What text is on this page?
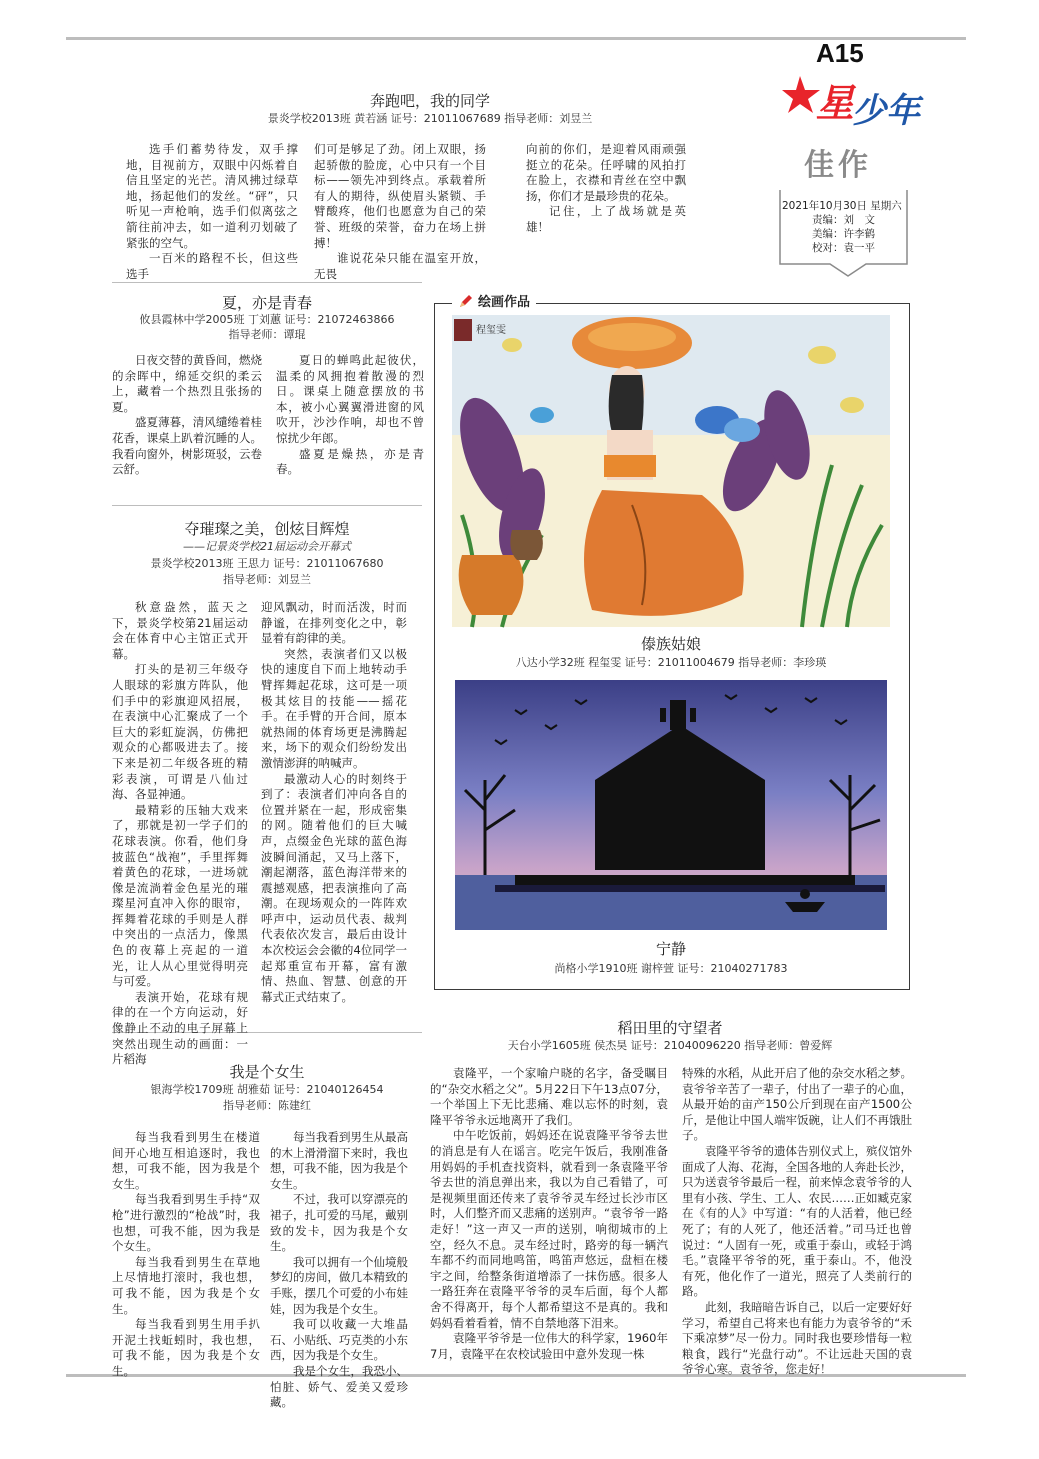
A15
星
少年
佳作
2021年10月30日 星期六
责编：刘　文
美编：许李鹤
校对：袁一平
奔跑吧，我的同学
景炎学校2013班 黄若涵 证号：21011067689 指导老师：刘昱兰

选手们蓄势待发，双手撑地，目视前方，双眼中闪烁着自信且坚定的光芒。清风拂过绿草地，扬起他们的发丝。“砰”，只听见一声枪响，选手们似离弦之箭往前冲去，如一道利刃划破了紧张的空气。

一百米的路程不长，但这些选手

们可是够足了劲。闭上双眼，扬起骄傲的脸庞，心中只有一个目标——领先冲到终点。承载着所有人的期待，纵使眉头紧锁、手臂酸疼，他们也愿意为自己的荣誉、班级的荣誉，奋力在场上拼搏！

谁说花朵只能在温室开放，无畏

向前的你们，是迎着风雨顽强挺立的花朵。任呼啸的风拍打在脸上，衣襟和青丝在空中飘扬，你们才是最珍贵的花朵。

记住，上了战场就是英雄！

夏，亦是青春
攸县霞林中学2005班 丁刘蕙 证号：21072463866
指导老师：谭琨

日夜交替的黄昏间，燃烧的余晖中，绵延交织的柔云上，藏着一个热烈且张扬的夏。

盛夏薄暮，清风缱绻着桂花香，课桌上趴着沉睡的人。我看向窗外，树影斑驳，云卷云舒。

夏日的蝉鸣此起彼伏，温柔的风拥抱着散漫的烈日。课桌上随意摆放的书本，被小心翼翼滑进窗的风吹开，沙沙作响，却也不曾惊扰少年郎。

盛夏是燥热，亦是青春。

夺璀璨之美，创炫目辉煌
——记景炎学校21届运动会开幕式
景炎学校2013班 王思力 证号：21011067680
指导老师：刘昱兰

秋意盎然，蓝天之下，景炎学校第21届运动会在体育中心主馆正式开幕。

打头的是初三年级夺人眼球的彩旗方阵队，他们手中的彩旗迎风招展，在表演中心汇聚成了一个巨大的彩虹旋涡，仿佛把观众的心都吸进去了。接下来是初二年级各班的精彩表演，可谓是八仙过海、各显神通。

最精彩的压轴大戏来了，那就是初一学子们的花球表演。你看，他们身披蓝色“战袍”，手里挥舞着黄色的花球，一进场就像是流淌着金色星光的璀璨星河直冲入你的眼帘，挥舞着花球的手则是人群中突出的一点活力，像黑色的夜幕上亮起的一道光，让人从心里觉得明亮与可爱。

表演开始，花球有规律的在一个方向运动，好像静止不动的电子屏幕上突然出现生动的画面：一片稻海

迎风飘动，时而活泼，时而静谧，在排列变化之中，彰显着有韵律的美。

突然，表演者们又以极快的速度自下而上地转动手臂挥舞起花球，这可是一项极其炫目的技能——摇花手。在手臂的开合间，原本就热闹的体育场更是沸腾起来，场下的观众们纷纷发出激情澎湃的呐喊声。

最激动人心的时刻终于到了：表演者们冲向各自的位置并紧在一起，形成密集的网。随着他们的巨大喊声，点缀金色光球的蓝色海波瞬间涌起，又马上落下，潮起潮落，蓝色海洋带来的震撼观感，把表演推向了高潮。在现场观众的一阵阵欢呼声中，运动员代表、裁判代表依次发言，最后由设计本次校运会会徽的4位同学一起郑重宣布开幕，富有激情、热血、智慧、创意的开幕式正式结束了。

我是个女生
银海学校1709班 胡雅茹 证号：21040126454
指导老师：陈建红

每当我看到男生在楼道间开心地互相追逐时，我也想，可我不能，因为我是个女生。

每当我看到男生手持“双枪”进行激烈的“枪战”时，我也想，可我不能，因为我是个女生。

每当我看到男生在草地上尽情地打滚时，我也想，可我不能，因为我是个女生。

每当我看到男生用手扒开泥土找蚯蚓时，我也想，可我不能，因为我是个女生。

每当我看到男生从最高的木上滑滑溜下来时，我也想，可我不能，因为我是个女生。

不过，我可以穿漂亮的裙子，扎可爱的马尾，戴别致的发卡，因为我是个女生。

我可以拥有一个仙境般梦幻的房间，做几本精致的手账，摆几个可爱的小布娃娃，因为我是个女生。

我可以收藏一大堆晶石、小贴纸、巧克类的小东西，因为我是个女生。

我是个女生，我恐小、怕脏、娇气、爱美又爱珍藏。

绘画作品
程玺雯
傣族姑娘
八达小学32班 程玺雯 证号：21011004679 指导老师：李珍瑛
宁静
尚格小学1910班 谢梓萱 证号：21040271783
稻田里的守望者
天台小学1605班 侯杰昊 证号：21040096220 指导老师：曾爱辉

袁隆平，一个家喻户晓的名字，备受瞩目的“杂交水稻之父”。5月22日下午13点07分，一个举国上下无比悲痛、难以忘怀的时刻，袁隆平爷爷永远地离开了我们。

中午吃饭前，妈妈还在说袁隆平爷爷去世的消息是有人在谣言。吃完午饭后，我刚准备用妈妈的手机查找资料，就看到一条袁隆平爷爷去世的消息弹出来，我以为自己看错了，可是视频里面还传来了袁爷爷灵车经过长沙市区时，人们整齐而又悲痛的送别声。“袁爷爷一路走好！”这一声又一声的送别，响彻城市的上空，经久不息。灵车经过时，路旁的每一辆汽车都不约而同地鸣笛，鸣笛声悠远，盘桓在楼宇之间，给整条街道增添了一抹伤感。很多人一路狂奔在袁隆平爷爷的灵车后面，每个人都舍不得离开，每个人都希望这不是真的。我和妈妈看着看着，情不自禁地落下泪来。

袁隆平爷爷是一位伟大的科学家，1960年7月，袁隆平在农校试验田中意外发现一株

特殊的水稻，从此开启了他的杂交水稻之梦。袁爷爷辛苦了一辈子，付出了一辈子的心血，从最开始的亩产150公斤到现在亩产1500公斤，是他让中国人端牢饭碗，让人们不再饿肚子。

袁隆平爷爷的遗体告别仪式上，殡仪馆外面成了人海、花海，全国各地的人奔赴长沙，只为送袁爷爷最后一程，前来悼念袁爷爷的人里有小孩、学生、工人、农民……正如臧克家在《有的人》中写道：“有的人活着，他已经死了；有的人死了，他还活着。”司马迁也曾说过：“人固有一死，或重于泰山，或轻于鸿毛。”袁隆平爷爷的死，重于泰山。不，他没有死，他化作了一道光，照亮了人类前行的路。

此刻，我暗暗告诉自己，以后一定要好好学习，希望自己将来也有能力为袁爷爷的“禾下乘凉梦”尽一份力。同时我也要珍惜每一粒粮食，践行“光盘行动”。不让远赴天国的袁爷爷心寒。袁爷爷，您走好！
